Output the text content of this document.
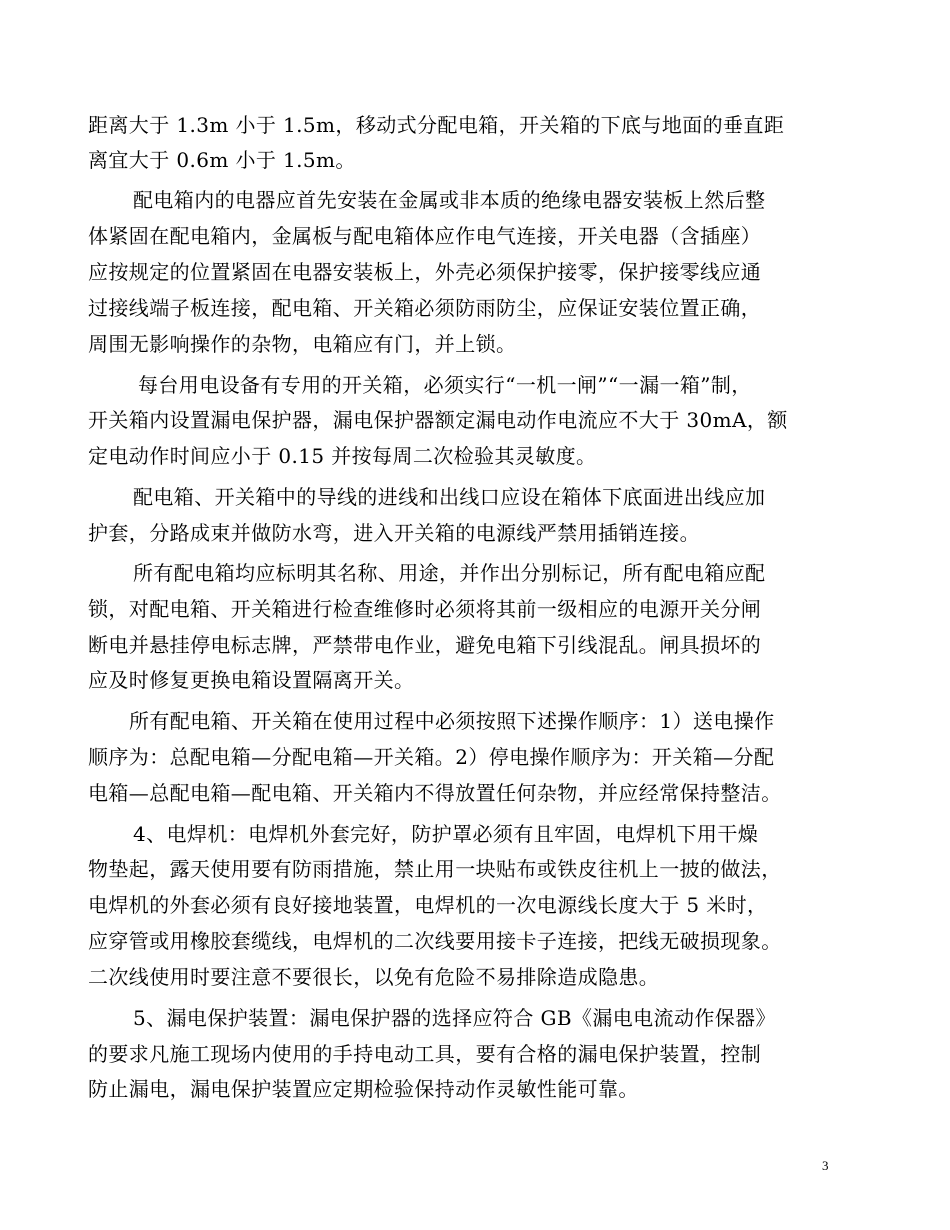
距离大于 1.3m 小于 1.5m，移动式分配电箱，开关箱的下底与地面的垂直距
离宜大于 0.6m 小于 1.5m。
配电箱内的电器应首先安装在金属或非本质的绝缘电器安装板上然后整
体紧固在配电箱内，金属板与配电箱体应作电气连接，开关电器（含插座）
应按规定的位置紧固在电器安装板上，外壳必须保护接零，保护接零线应通
过接线端子板连接，配电箱、开关箱必须防雨防尘，应保证安装位置正确，
周围无影响操作的杂物，电箱应有门，并上锁。
每台用电设备有专用的开关箱，必须实行“一机一闸”“一漏一箱”制，
开关箱内设置漏电保护器，漏电保护器额定漏电动作电流应不大于 30mA，额
定电动作时间应小于 0.15 并按每周二次检验其灵敏度。
配电箱、开关箱中的导线的进线和出线口应设在箱体下底面进出线应加
护套，分路成束并做防水弯，进入开关箱的电源线严禁用插销连接。
所有配电箱均应标明其名称、用途，并作出分别标记，所有配电箱应配
锁，对配电箱、开关箱进行检查维修时必须将其前一级相应的电源开关分闸
断电并悬挂停电标志牌，严禁带电作业，避免电箱下引线混乱。闸具损坏的
应及时修复更换电箱设置隔离开关。
所有配电箱、开关箱在使用过程中必须按照下述操作顺序：1）送电操作
顺序为：总配电箱—分配电箱—开关箱。2）停电操作顺序为：开关箱—分配
电箱—总配电箱—配电箱、开关箱内不得放置任何杂物，并应经常保持整洁。
4、电焊机：电焊机外套完好，防护罩必须有且牢固，电焊机下用干燥
物垫起，露天使用要有防雨措施，禁止用一块贴布或铁皮往机上一披的做法，
电焊机的外套必须有良好接地装置，电焊机的一次电源线长度大于 5 米时，
应穿管或用橡胶套缆线，电焊机的二次线要用接卡子连接，把线无破损现象。
二次线使用时要注意不要很长，以免有危险不易排除造成隐患。
5、漏电保护装置：漏电保护器的选择应符合 GB《漏电电流动作保器》
的要求凡施工现场内使用的手持电动工具，要有合格的漏电保护装置，控制
防止漏电，漏电保护装置应定期检验保持动作灵敏性能可靠。
3
